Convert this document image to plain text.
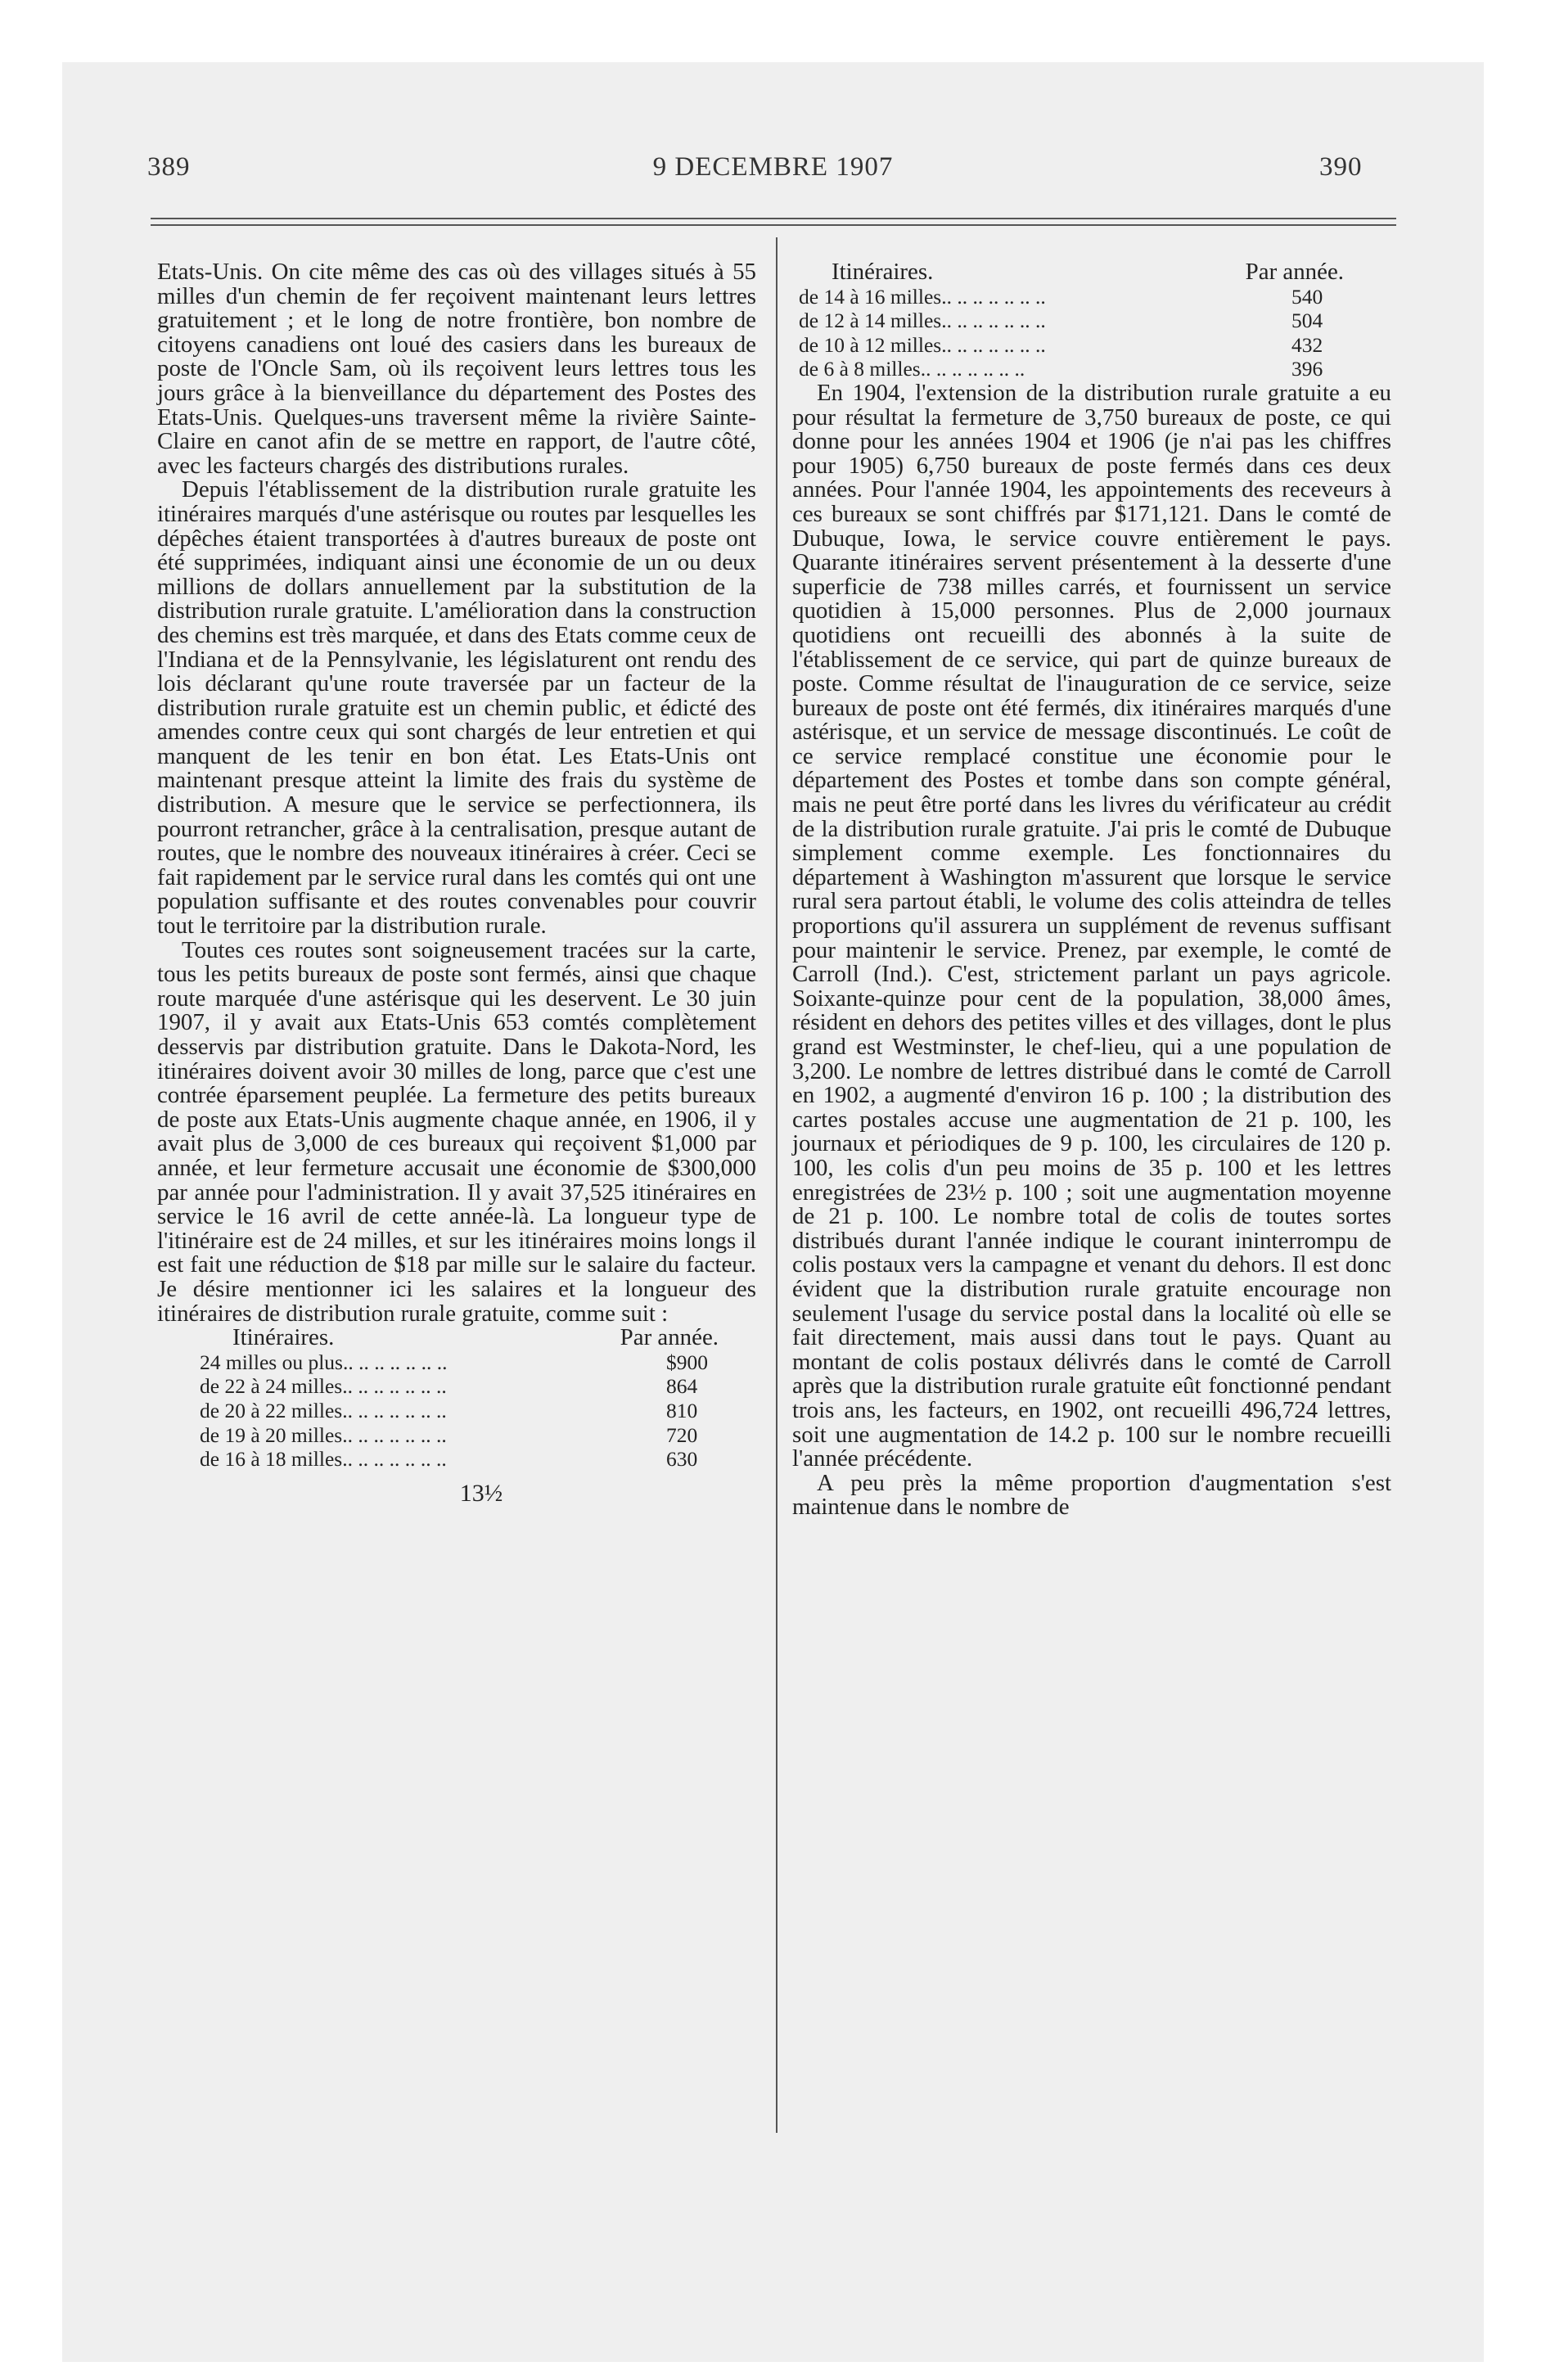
389	9 DECEMBRE 1907	390

Etats-Unis. On cite même des cas où des villages situés à 55 milles d'un chemin de fer reçoivent maintenant leurs lettres gratuitement ; et le long de notre frontière, bon nombre de citoyens canadiens ont loué des casiers dans les bureaux de poste de l'Oncle Sam, où ils reçoivent leurs lettres tous les jours grâce à la bienveillance du département des Postes des Etats-Unis. Quelques-uns traversent même la rivière Sainte-Claire en canot afin de se mettre en rapport, de l'autre côté, avec les facteurs chargés des distributions rurales.

Depuis l'établissement de la distribution rurale gratuite les itinéraires marqués d'une astérisque ou routes par lesquelles les dépêches étaient transportées à d'autres bureaux de poste ont été supprimées, indiquant ainsi une économie de un ou deux millions de dollars annuellement par la substitution de la distribution rurale gratuite. L'amélioration dans la construction des chemins est très marquée, et dans des Etats comme ceux de l'Indiana et de la Pennsylvanie, les législaturent ont rendu des lois déclarant qu'une route traversée par un facteur de la distribution rurale gratuite est un chemin public, et édicté des amendes contre ceux qui sont chargés de leur entretien et qui manquent de les tenir en bon état. Les Etats-Unis ont maintenant presque atteint la limite des frais du système de distribution. A mesure que le service se perfectionnera, ils pourront retrancher, grâce à la centralisation, presque autant de routes, que le nombre des nouveaux itinéraires à créer. Ceci se fait rapidement par le service rural dans les comtés qui ont une population suffisante et des routes convenables pour couvrir tout le territoire par la distribution rurale.

Toutes ces routes sont soigneusement tracées sur la carte, tous les petits bureaux de poste sont fermés, ainsi que chaque route marquée d'une astérisque qui les deservent. Le 30 juin 1907, il y avait aux Etats-Unis 653 comtés complètement desservis par distribution gratuite. Dans le Dakota-Nord, les itinéraires doivent avoir 30 milles de long, parce que c'est une contrée éparsement peuplée. La fermeture des petits bureaux de poste aux Etats-Unis augmente chaque année, en 1906, il y avait plus de 3,000 de ces bureaux qui reçoivent $1,000 par année, et leur fermeture accusait une économie de $300,000 par année pour l'administration. Il y avait 37,525 itinéraires en service le 16 avril de cette année-là. La longueur type de l'itinéraire est de 24 milles, et sur les itinéraires moins longs il est fait une réduction de $18 par mille sur le salaire du facteur. Je désire mentionner ici les salaires et la longueur des itinéraires de distribution rurale gratuite, comme suit :

Itinéraires.	Par année.
24 milles ou plus.. .. .. .. .. .. ..	$900
de 22 à 24 milles.. .. .. .. .. .. ..	864
de 20 à 22 milles.. .. .. .. .. .. ..	810
de 19 à 20 milles.. .. .. .. .. .. ..	720
de 16 à 18 milles.. .. .. .. .. .. ..	630
13½
Itinéraires.	Par année.
de 14 à 16 milles.. .. .. .. .. .. ..	540
de 12 à 14 milles.. .. .. .. .. .. ..	504
de 10 à 12 milles.. .. .. .. .. .. ..	432
de 6 à 8 milles.. .. .. .. .. .. ..	396

En 1904, l'extension de la distribution rurale gratuite a eu pour résultat la fermeture de 3,750 bureaux de poste, ce qui donne pour les années 1904 et 1906 (je n'ai pas les chiffres pour 1905) 6,750 bureaux de poste fermés dans ces deux années. Pour l'année 1904, les appointements des receveurs à ces bureaux se sont chiffrés par $171,121. Dans le comté de Dubuque, Iowa, le service couvre entièrement le pays. Quarante itinéraires servent présentement à la desserte d'une superficie de 738 milles carrés, et fournissent un service quotidien à 15,000 personnes. Plus de 2,000 journaux quotidiens ont recueilli des abonnés à la suite de l'établissement de ce service, qui part de quinze bureaux de poste. Comme résultat de l'inauguration de ce service, seize bureaux de poste ont été fermés, dix itinéraires marqués d'une astérisque, et un service de message discontinués. Le coût de ce service remplacé constitue une économie pour le département des Postes et tombe dans son compte général, mais ne peut être porté dans les livres du vérificateur au crédit de la distribution rurale gratuite. J'ai pris le comté de Dubuque simplement comme exemple. Les fonctionnaires du département à Washington m'assurent que lorsque le service rural sera partout établi, le volume des colis atteindra de telles proportions qu'il assurera un supplément de revenus suffisant pour maintenir le service. Prenez, par exemple, le comté de Carroll (Ind.). C'est, strictement parlant un pays agricole. Soixante-quinze pour cent de la population, 38,000 âmes, résident en dehors des petites villes et des villages, dont le plus grand est Westminster, le chef-lieu, qui a une population de 3,200. Le nombre de lettres distribué dans le comté de Carroll en 1902, a augmenté d'environ 16 p. 100 ; la distribution des cartes postales accuse une augmentation de 21 p. 100, les journaux et périodiques de 9 p. 100, les circulaires de 120 p. 100, les colis d'un peu moins de 35 p. 100 et les lettres enregistrées de 23½ p. 100 ; soit une augmentation moyenne de 21 p. 100. Le nombre total de colis de toutes sortes distribués durant l'année indique le courant ininterrompu de colis postaux vers la campagne et venant du dehors. Il est donc évident que la distribution rurale gratuite encourage non seulement l'usage du service postal dans la localité où elle se fait directement, mais aussi dans tout le pays. Quant au montant de colis postaux délivrés dans le comté de Carroll après que la distribution rurale gratuite eût fonctionné pendant trois ans, les facteurs, en 1902, ont recueilli 496,724 lettres, soit une augmentation de 14.2 p. 100 sur le nombre recueilli l'année précédente.

A peu près la même proportion d'augmentation s'est maintenue dans le nombre de
